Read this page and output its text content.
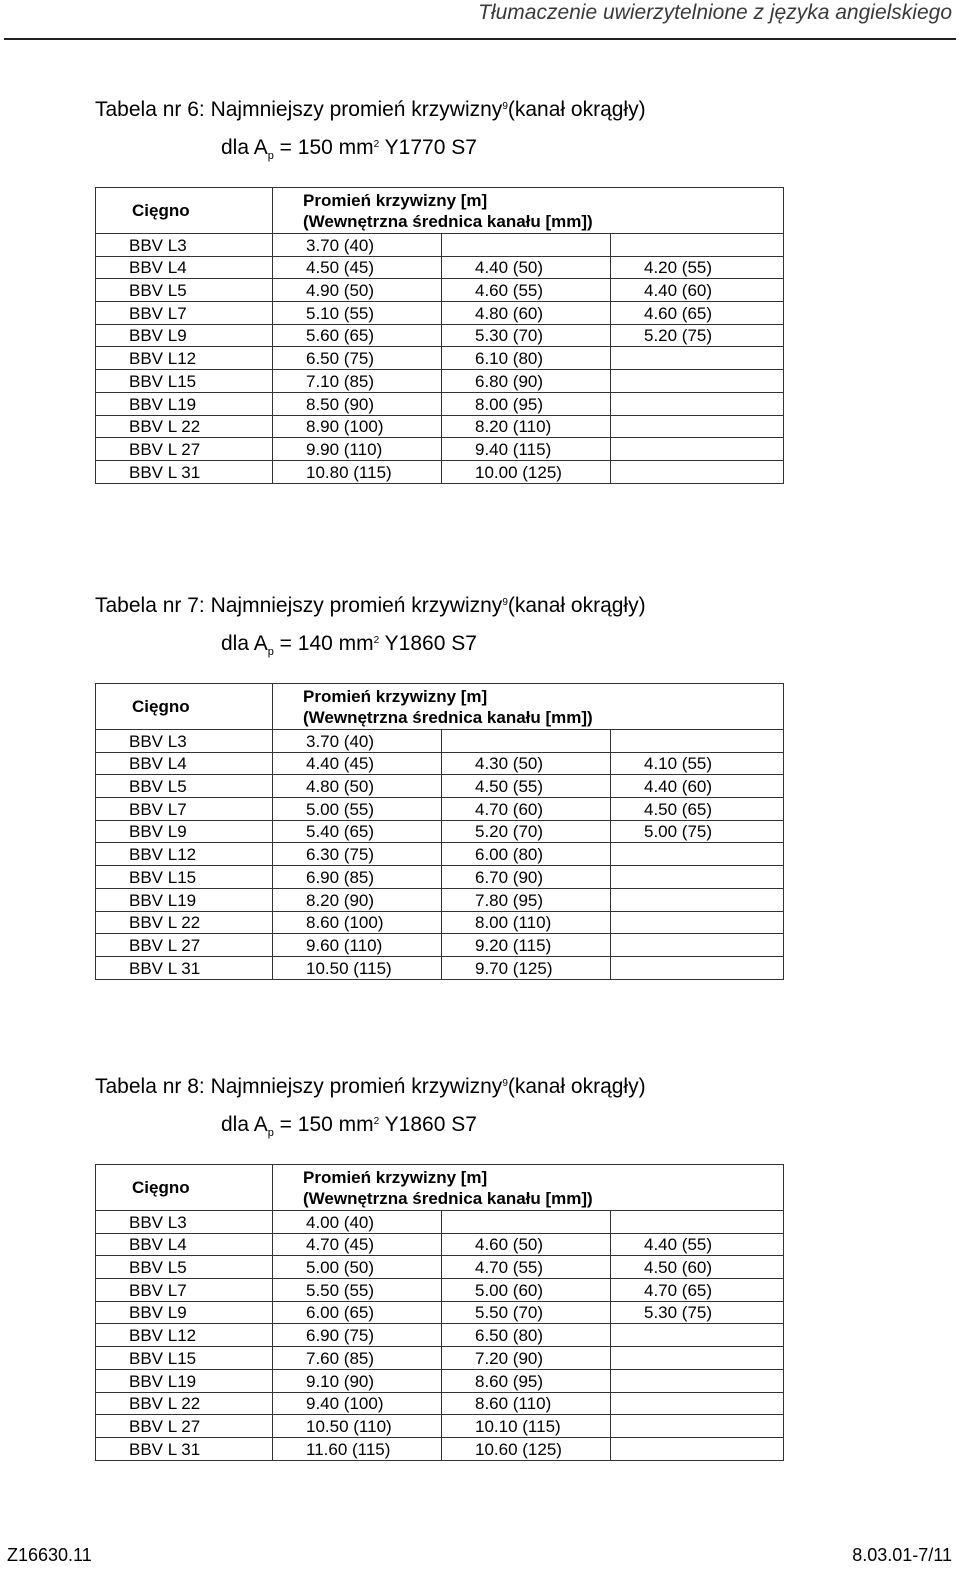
Tłumaczenie uwierzytelnione z języka angielskiego
Tabela nr 6: Najmniejszy promień krzywizny$^9$(kanał okrągły)
dla $A_p = 150$ $mm^2$ Y1770 S7
Cięgno	Promień krzywizny [m]
(Wewnętrzna średnica kanału [mm])		

BBV L3	3.70 (40)		
BBV L4	4.50 (45)	4.40 (50)	4.20 (55)
BBV L5	4.90 (50)	4.60 (55)	4.40 (60)
BBV L7	5.10 (55)	4.80 (60)	4.60 (65)
BBV L9	5.60 (65)	5.30 (70)	5.20 (75)
BBV L12	6.50 (75)	6.10 (80)	
BBV L15	7.10 (85)	6.80 (90)	
BBV L19	8.50 (90)	8.00 (95)	
BBV L 22	8.90 (100)	8.20 (110)	
BBV L 27	9.90 (110)	9.40 (115)	
BBV L 31	10.80 (115)	10.00 (125)	
Tabela nr 7: Najmniejszy promień krzywizny$^9$(kanał okrągły)
dla $A_p = 140$ $mm^2$ Y1860 S7
Cięgno	Promień krzywizny [m]
(Wewnętrzna średnica kanału [mm])		

BBV L3	3.70 (40)		
BBV L4	4.40 (45)	4.30 (50)	4.10 (55)
BBV L5	4.80 (50)	4.50 (55)	4.40 (60)
BBV L7	5.00 (55)	4.70 (60)	4.50 (65)
BBV L9	5.40 (65)	5.20 (70)	5.00 (75)
BBV L12	6.30 (75)	6.00 (80)	
BBV L15	6.90 (85)	6.70 (90)	
BBV L19	8.20 (90)	7.80 (95)	
BBV L 22	8.60 (100)	8.00 (110)	
BBV L 27	9.60 (110)	9.20 (115)	
BBV L 31	10.50 (115)	9.70 (125)	
Tabela nr 8: Najmniejszy promień krzywizny$^9$(kanał okrągły)
dla $A_p = 150$ $mm^2$ Y1860 S7
Cięgno	Promień krzywizny [m]
(Wewnętrzna średnica kanału [mm])		

BBV L3	4.00 (40)		
BBV L4	4.70 (45)	4.60 (50)	4.40 (55)
BBV L5	5.00 (50)	4.70 (55)	4.50 (60)
BBV L7	5.50 (55)	5.00 (60)	4.70 (65)
BBV L9	6.00 (65)	5.50 (70)	5.30 (75)
BBV L12	6.90 (75)	6.50 (80)	
BBV L15	7.60 (85)	7.20 (90)	
BBV L19	9.10 (90)	8.60 (95)	
BBV L 22	9.40 (100)	8.60 (110)	
BBV L 27	10.50 (110)	10.10 (115)	
BBV L 31	11.60 (115)	10.60 (125)	
Z16630.11	8.03.01-7/11
